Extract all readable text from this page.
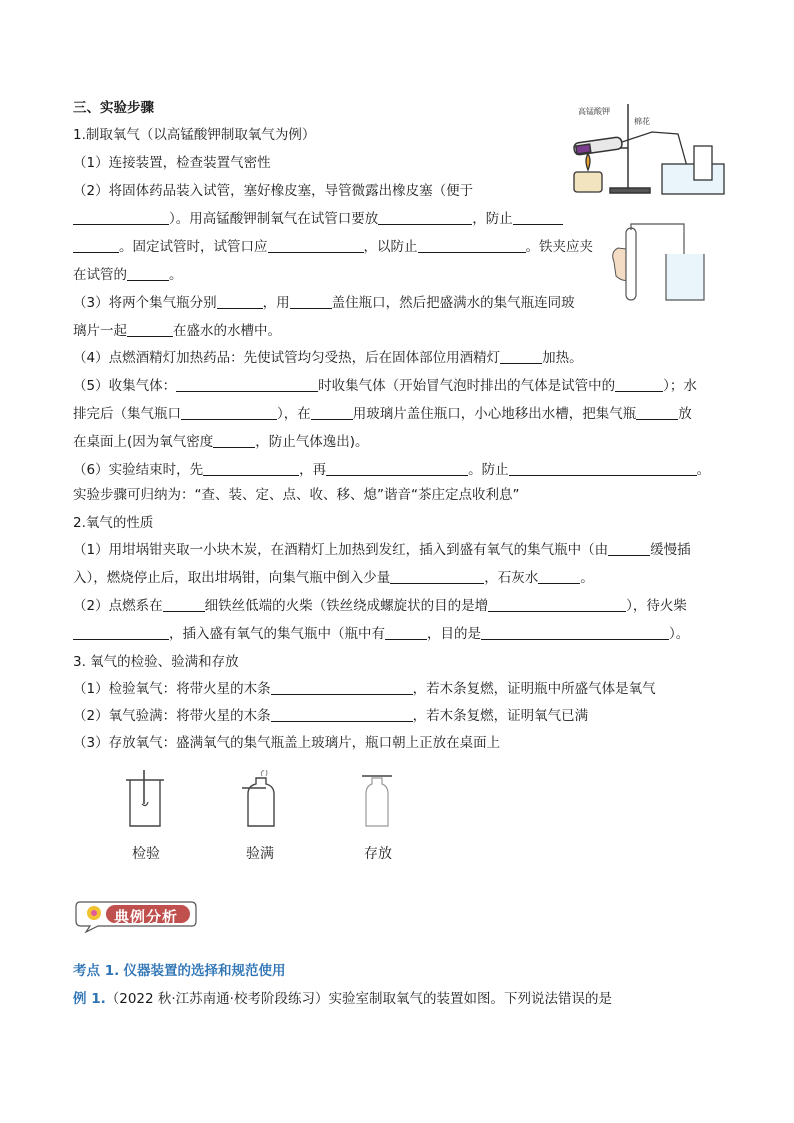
三、实验步骤
1.制取氧气（以高锰酸钾制取氧气为例）
（1）连接装置，检查装置气密性
（2）将固体药品装入试管，塞好橡皮塞，导管微露出橡皮塞（便于
）。用高锰酸钾制氧气在试管口要放	，防止
。固定试管时，试管口应	，以防止	。铁夹应夹
在试管的	。
（3）将两个集气瓶分别	，用	盖住瓶口，然后把盛满水的集气瓶连同玻
璃片一起	在盛水的水槽中。
（4）点燃酒精灯加热药品：先使试管均匀受热，后在固体部位用酒精灯	加热。
（5）收集气体：	时收集气体（开始冒气泡时排出的气体是试管中的	）；水
排完后（集气瓶口	），在	用玻璃片盖住瓶口，小心地移出水槽，把集气瓶	放
在桌面上(因为氧气密度	，防止气体逸出)。
（6）实验结束时，先	，再	。防止	。
实验步骤可归纳为：“查、装、定、点、收、移、熄”谐音“茶庄定点收利息”
高锰酸钾
棉花
2.氧气的性质
（1）用坩埚钳夹取一小块木炭，在酒精灯上加热到发红，插入到盛有氧气的集气瓶中（由	缓慢插
入），燃烧停止后，取出坩埚钳，向集气瓶中倒入少量	，石灰水	。
（2）点燃系在	细铁丝低端的火柴（铁丝绕成螺旋状的目的是增	），待火柴
，插入盛有氧气的集气瓶中（瓶中有	，目的是	）。
3. 氧气的检验、验满和存放
（1）检验氧气：将带火星的木条	，若木条复燃，证明瓶中所盛气体是氧气
（2）氧气验满：将带火星的木条	，若木条复燃，证明氧气已满
（3）存放氧气：盛满氧气的集气瓶盖上玻璃片，瓶口朝上正放在桌面上
检验	验满	存放
典例分析
考点 1. 仪器装置的选择和规范使用
例 1.（2022 秋·江苏南通·校考阶段练习）实验室制取氧气的装置如图。下列说法错误的是
